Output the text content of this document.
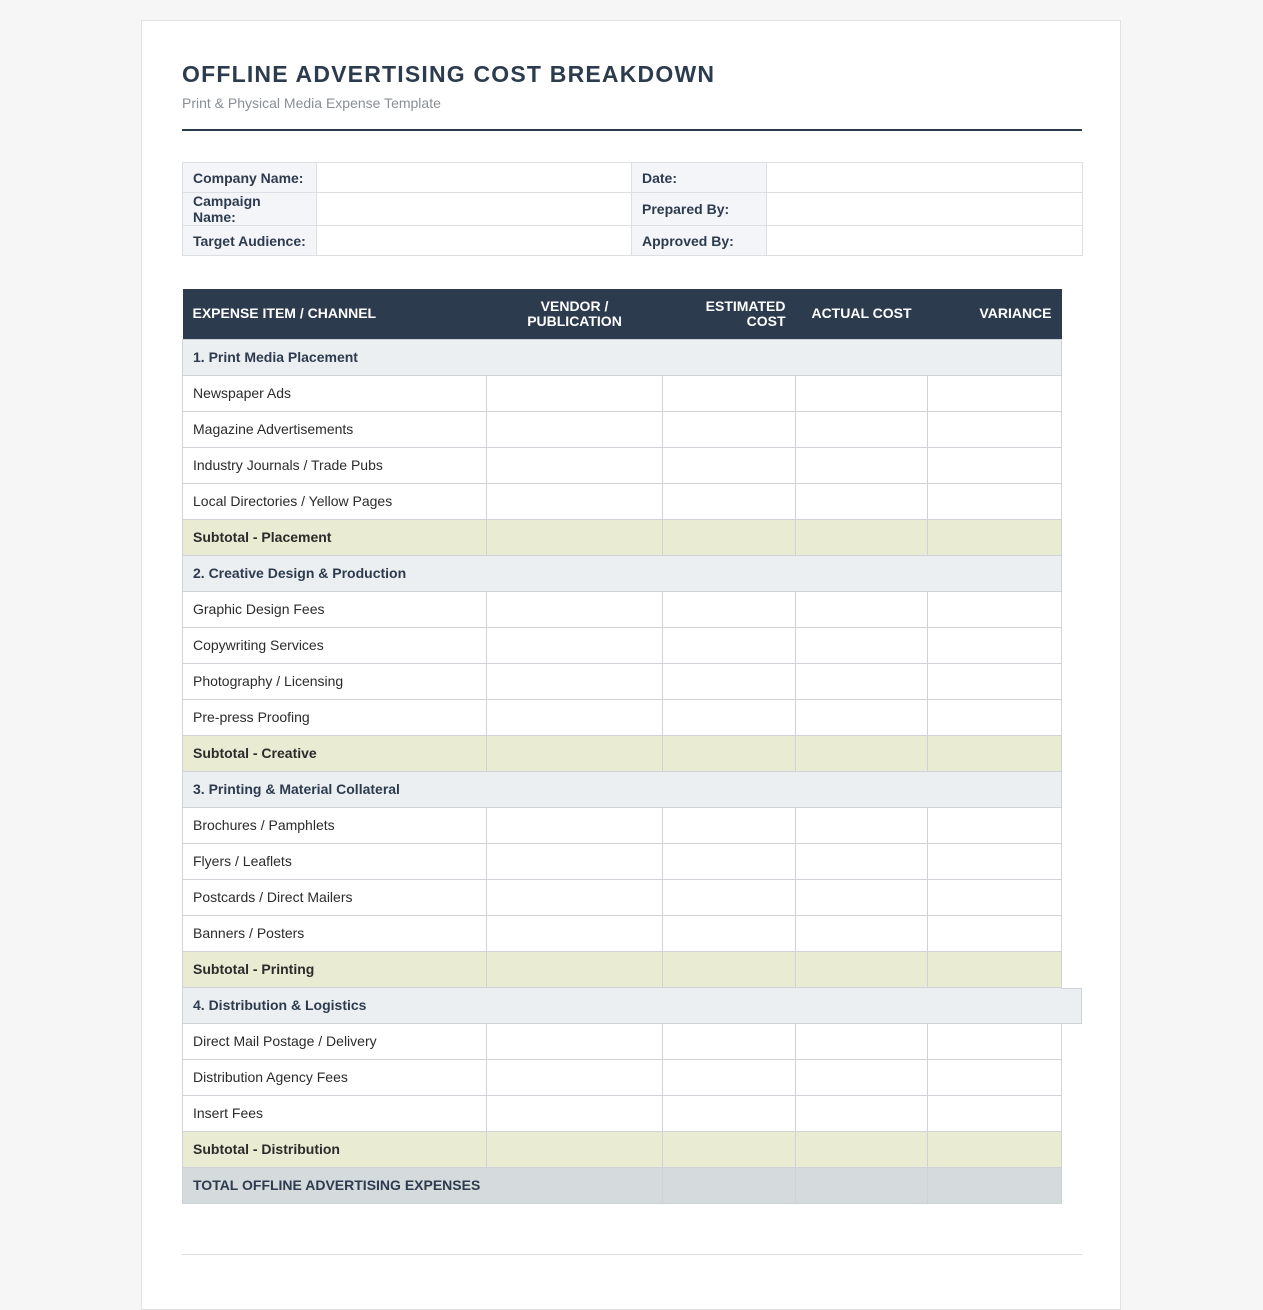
OFFLINE ADVERTISING COST BREAKDOWN
Print & Physical Media Expense Template
Company Name:		Date:	
Campaign Name:		Prepared By:	
Target Audience:		Approved By:	
EXPENSE ITEM / CHANNEL	VENDOR / PUBLICATION	ESTIMATED COST	ACTUAL COST	VARIANCE
1. Print Media Placement				
Newspaper Ads				
Magazine Advertisements				
Industry Journals / Trade Pubs				
Local Directories / Yellow Pages				
Subtotal - Placement				
2. Creative Design & Production				
Graphic Design Fees				
Copywriting Services				
Photography / Licensing				
Pre-press Proofing				
Subtotal - Creative				
3. Printing & Material Collateral				
Brochures / Pamphlets				
Flyers / Leaflets				
Postcards / Direct Mailers				
Banners / Posters				
Subtotal - Printing				
4. Distribution & Logistics				
Direct Mail Postage / Delivery				
Distribution Agency Fees				
Insert Fees				
Subtotal - Distribution				
TOTAL OFFLINE ADVERTISING EXPENSES				
